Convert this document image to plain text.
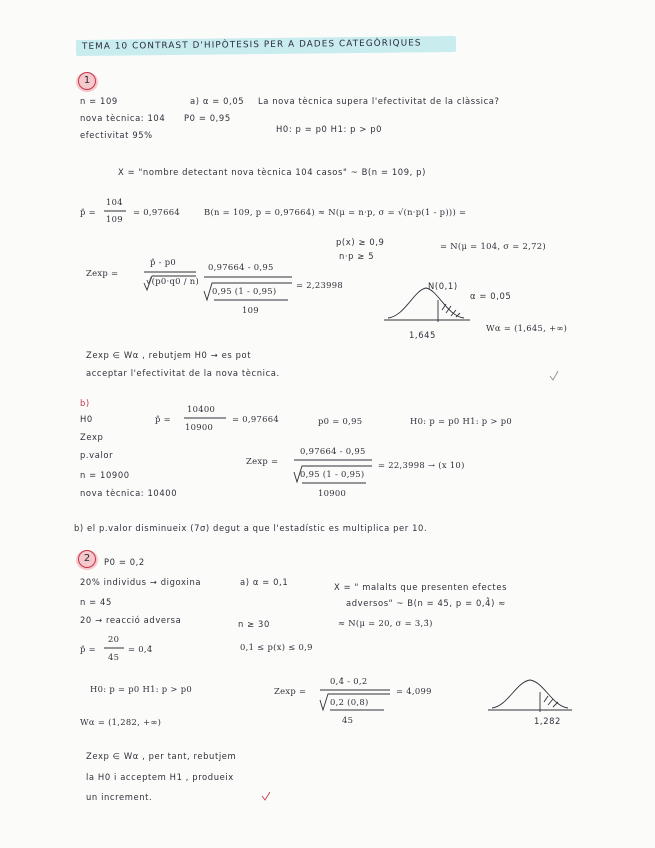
TEMA 10 CONTRAST D'HIPÒTESIS PER A DADES CATEGÒRIQUES
1
n = 109	a) α = 0,05 La nova tècnica supera l'efectivitat de la clàssica?
nova tècnica: 104 P0 = 0,95
efectivitat 95%
H0: p = p0 H1: p > p0
X = "nombre detectant nova tècnica 104 casos" ~ B(n = 109, p)
p̂ =
104
109
= 0,97664	B(n = 109, p = 0,97664) ≈ N(μ = n·p, σ = √(n·p(1 - p))) =
p(x) ≥ 0,9
n·p ≥ 5
= N(μ = 104, σ = 2,72)
Zexp =
p̂ - p0
√(p0·q0 / n)
0,97664 - 0,95
0,95 (1 - 0,95)
109
= 2,23998	N(0,1)
α = 0,05
1,645
Wα = (1,645, +∞)
Zexp ∈ Wα , rebutjem H0 → es pot
acceptar l'efectivitat de la nova tècnica.
b)
H0
Zexp
p.valor
n = 10900
nova tècnica: 10400
p̂ =
10400
10900
= 0,97664	p0 = 0,95	H0: p = p0 H1: p > p0
Zexp =
0,97664 - 0,95
0,95 (1 - 0,95)
10900
= 22,3998 → (x 10)
b) el p.valor disminueix (7σ) degut a que l'estadístic es multiplica per 10.
2	P0 = 0,2
20% individus → digoxina	a) α = 0,1	X = " malalts que presenten efectes
adversos" ~ B(n = 45, p = 0,4̂) ≈
n = 45
20 → reacció adversa	n ≥ 30	≈ N(μ = 20, σ = 3,3̂)
p̂ =
20
45
= 0,4̂	0,1 ≤ p(x) ≤ 0,9
H0: p = p0 H1: p > p0	Zexp =
0,4̂ - 0,2
0,2 (0,8)
45
= 4,099
Wα = (1,282, +∞)	1,282
Zexp ∈ Wα , per tant, rebutjem
la H0 i acceptem H1 , produeix
un increment.
